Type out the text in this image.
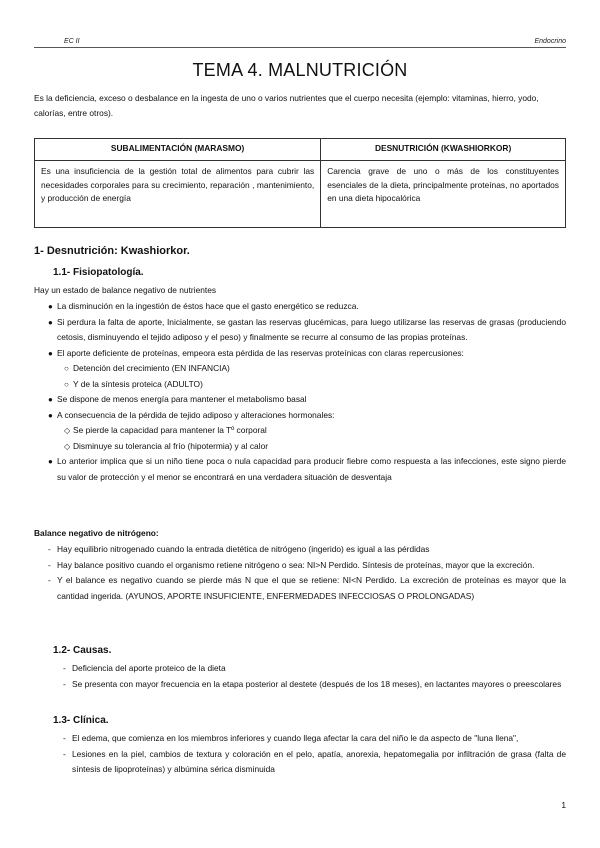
EC II	Endocrino
TEMA 4. MALNUTRICIÓN
Es la deficiencia, exceso o desbalance en la ingesta de uno o varios nutrientes que el cuerpo necesita (ejemplo: vitaminas, hierro, yodo, calorías, entre otros).
SUBALIMENTACIÓN (MARASMO)	DESNUTRICIÓN (KWASHIORKOR)
Es una insuficiencia de la gestión total de alimentos para cubrir las necesidades corporales para su crecimiento, reparación , mantenimiento, y producción de energía	Carencia grave de uno o más de los constituyentes esenciales de la dieta, principalmente proteínas, no aportados en una dieta hipocalórica
1- Desnutrición: Kwashiorkor.
1.1- Fisiopatología.
Hay un estado de balance negativo de nutrientes
● La disminución en la ingestión de éstos hace que el gasto energético se reduzca.
● Si perdura la falta de aporte, Inicialmente, se gastan las reservas glucémicas, para luego utilizarse las reservas de grasas (produciendo cetosis, disminuyendo el tejido adiposo y el peso) y finalmente se recurre al consumo de las propias proteínas.
● El aporte deficiente de proteínas, empeora esta pérdida de las reservas proteínicas con claras repercusiones:
○ Detención del crecimiento (EN INFANCIA)
○ Y de la síntesis proteica (ADULTO)
● Se dispone de menos energía para mantener el metabolismo basal
● A consecuencia de la pérdida de tejido adiposo y alteraciones hormonales:
◇ Se pierde la capacidad para mantener la Tº corporal
◇ Disminuye su tolerancia al frío (hipotermia) y al calor
● Lo anterior implica que si un niño tiene poca o nula capacidad para producir fiebre como respuesta a las infecciones, este signo pierde su valor de protección y el menor se encontrará en una verdadera situación de desventaja
Balance negativo de nitrógeno:
- Hay equilibrio nitrogenado cuando la entrada dietética de nitrógeno (ingerido) es igual a las pérdidas
- Hay balance positivo cuando el organismo retiene nitrógeno o sea: NI>N Perdido. Síntesis de proteínas, mayor que la excreción.
- Y el balance es negativo cuando se pierde más N que el que se retiene: NI<N Perdido. La excreción de proteínas es mayor que la cantidad ingerida. (AYUNOS, APORTE INSUFICIENTE, ENFERMEDADES INFECCIOSAS O PROLONGADAS)
1.2- Causas.
- Deficiencia del aporte proteico de la dieta
- Se presenta con mayor frecuencia en la etapa posterior al destete (después de los 18 meses), en lactantes mayores o preescolares
1.3- Clínica.
- El edema, que comienza en los miembros inferiores y cuando llega afectar la cara del niño le da aspecto de "luna llena",
- Lesiones en la piel, cambios de textura y coloración en el pelo, apatía, anorexia, hepatomegalia por infiltración de grasa (falta de síntesis de lipoproteínas) y albúmina sérica disminuida
1
